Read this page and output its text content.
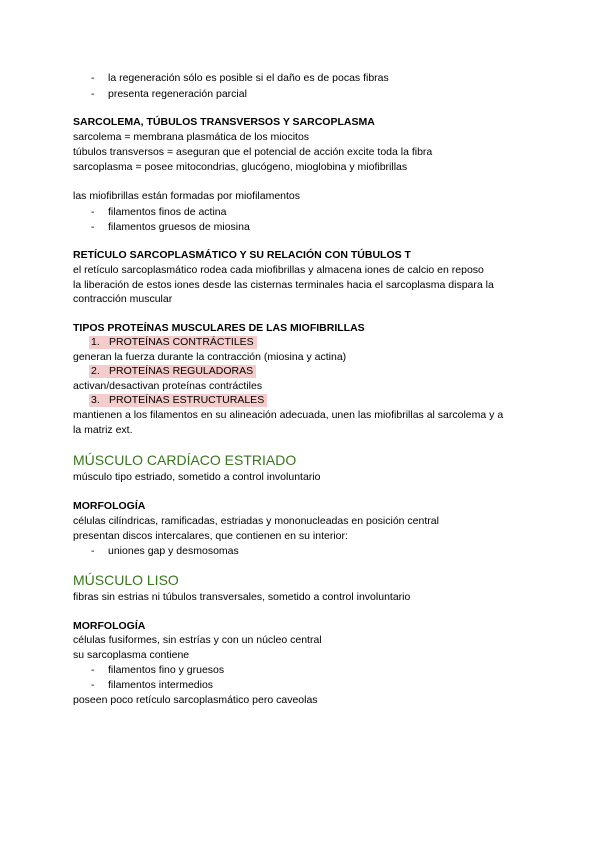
- la regeneración sólo es posible si el daño es de pocas fibras
- presenta regeneración parcial
SARCOLEMA, TÚBULOS TRANSVERSOS Y SARCOPLASMA
sarcolema = membrana plasmática de los miocitos
túbulos transversos = aseguran que el potencial de acción excite toda la fibra
sarcoplasma = posee mitocondrias, glucógeno, mioglobina y miofibrillas
las miofibrillas están formadas por miofilamentos
- filamentos finos de actina
- filamentos gruesos de miosina
RETÍCULO SARCOPLASMÁTICO Y SU RELACIÓN CON TÚBULOS T
el retículo sarcoplasmático rodea cada miofibrillas y almacena iones de calcio en reposo
la liberación de estos iones desde las cisternas terminales hacia el sarcoplasma dispara la
contracción muscular
TIPOS PROTEÍNAS MUSCULARES DE LAS MIOFIBRILLAS
1. PROTEÍNAS CONTRÁCTILES
generan la fuerza durante la contracción (miosina y actina)
2. PROTEÍNAS REGULADORAS
activan/desactivan proteínas contráctiles
3. PROTEÍNAS ESTRUCTURALES
mantienen a los filamentos en su alineación adecuada, unen las miofibrillas al sarcolema y a
la matriz ext.
MÚSCULO CARDÍACO ESTRIADO
músculo tipo estriado, sometido a control involuntario
MORFOLOGÍA
células cilíndricas, ramificadas, estriadas y mononucleadas en posición central
presentan discos intercalares, que contienen en su interior:
- uniones gap y desmosomas
MÚSCULO LISO
fibras sin estrias ni túbulos transversales, sometido a control involuntario
MORFOLOGÍA
células fusiformes, sin estrías y con un núcleo central
su sarcoplasma contiene
- filamentos fino y gruesos
- filamentos intermedios
poseen poco retículo sarcoplasmático pero caveolas
